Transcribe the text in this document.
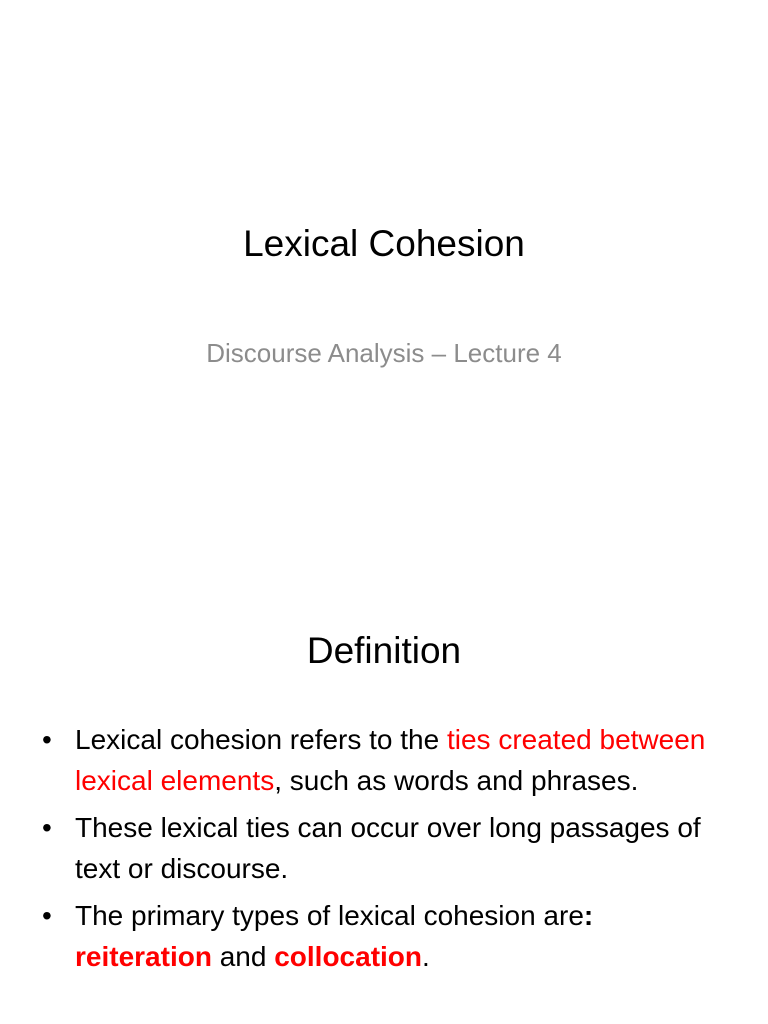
Lexical Cohesion
Discourse Analysis – Lecture 4
Definition
• Lexical cohesion refers to the ties created between lexical elements, such as words and phrases.
• These lexical ties can occur over long passages of text or discourse.
• The primary types of lexical cohesion are: reiteration and collocation.
